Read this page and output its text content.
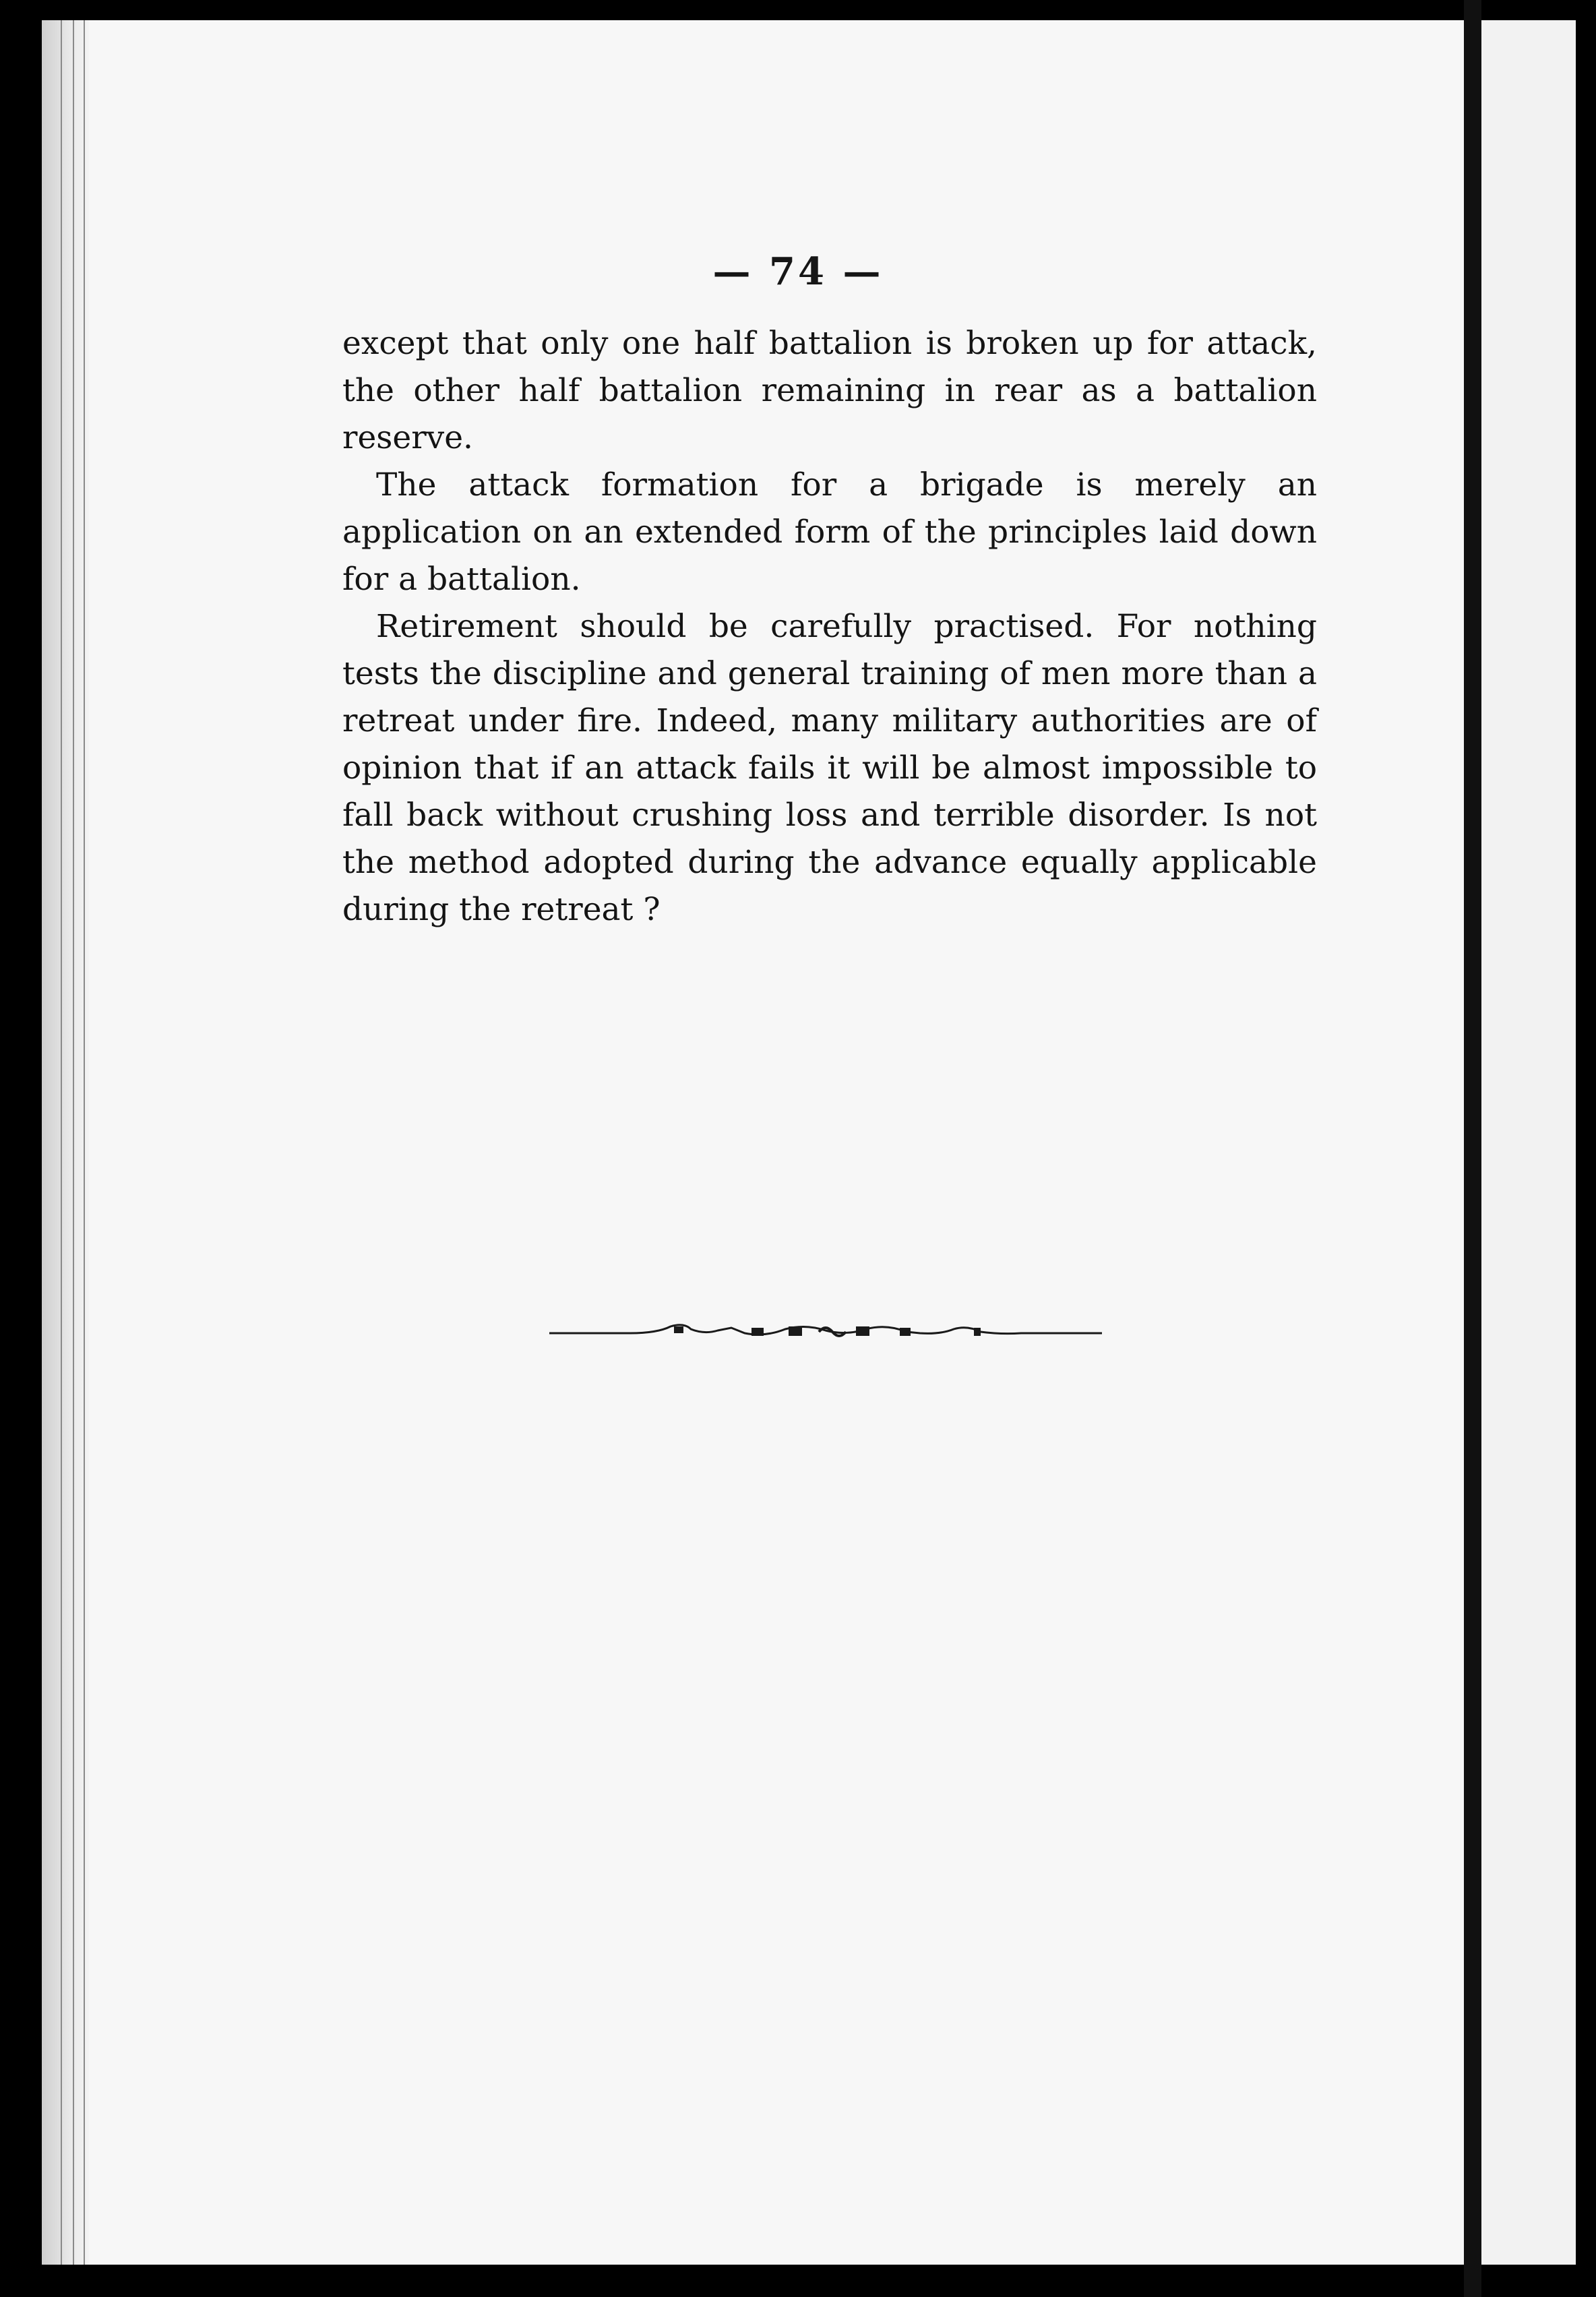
— 74 —

except that only one half battalion is broken up for attack, the other half battalion remaining in rear as a battalion reserve.

The attack formation for a brigade is merely an application on an extended form of the principles laid down for a battalion.

Retirement should be carefully practised. For nothing tests the discipline and general training of men more than a retreat under fire. Indeed, many military authorities are of opinion that if an attack fails it will be almost impossible to fall back without crushing loss and terrible disorder. Is not the method adopted during the advance equally applicable during the retreat ?
